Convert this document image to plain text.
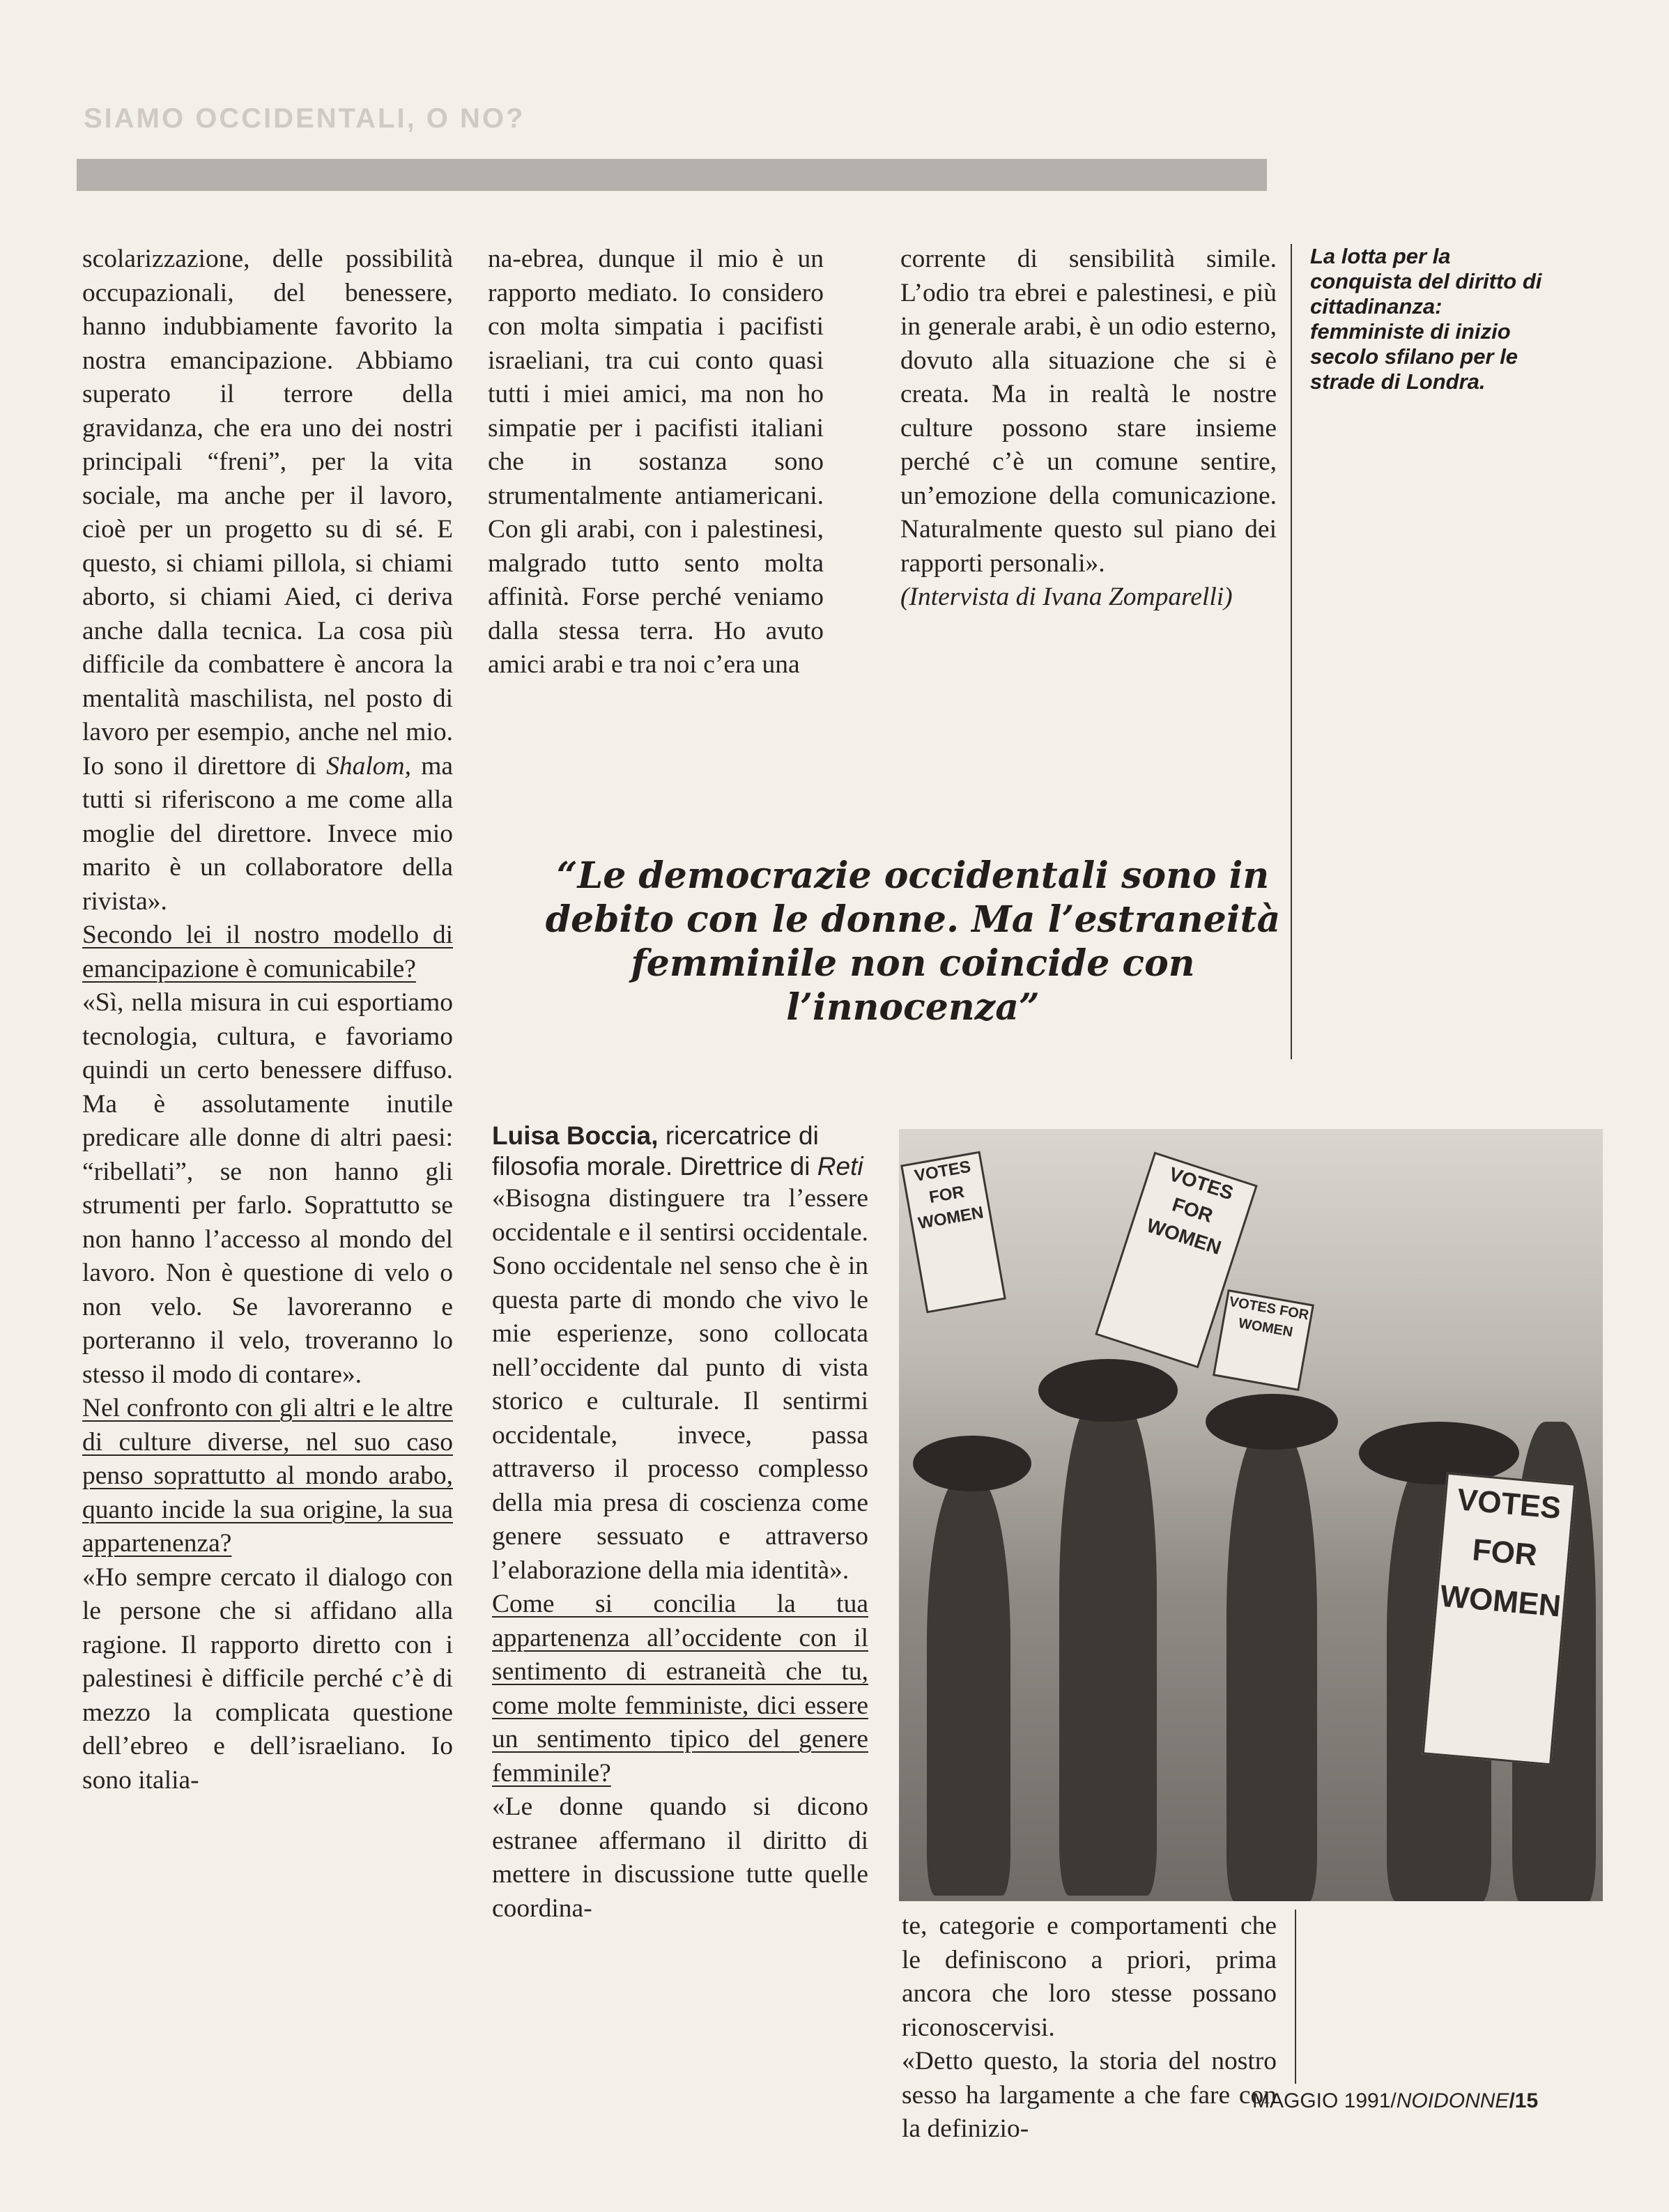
SIAMO OCCIDENTALI, O NO?

scolarizzazione, delle possibilità occupazionali, del benessere, hanno indubbiamente favorito la nostra emancipazione. Abbiamo superato il terrore della gravidanza, che era uno dei nostri principali “freni”, per la vita sociale, ma anche per il lavoro, cioè per un progetto su di sé. E questo, si chiami pillola, si chiami aborto, si chiami Aied, ci deriva anche dalla tecnica. La cosa più difficile da combattere è ancora la mentalità maschilista, nel posto di lavoro per esempio, anche nel mio. Io sono il direttore di Shalom, ma tutti si riferiscono a me come alla moglie del direttore. Invece mio marito è un collaboratore della rivista».

Secondo lei il nostro modello di emancipazione è comunicabile?

«Sì, nella misura in cui esportiamo tecnologia, cultura, e favoriamo quindi un certo benessere diffuso. Ma è assolutamente inutile predicare alle donne di altri paesi: “ribellati”, se non hanno gli strumenti per farlo. Soprattutto se non hanno l’accesso al mondo del lavoro. Non è questione di velo o non velo. Se lavoreranno e porteranno il velo, troveranno lo stesso il modo di contare».

Nel confronto con gli altri e le altre di culture diverse, nel suo caso penso soprattutto al mondo arabo, quanto incide la sua origine, la sua appartenenza?

«Ho sempre cercato il dialogo con le persone che si affidano alla ragione. Il rapporto diretto con i palestinesi è difficile perché c’è di mezzo la complicata questione dell’ebreo e dell’israeliano. Io sono italia-

na-ebrea, dunque il mio è un rapporto mediato. Io considero con molta simpatia i pacifisti israeliani, tra cui conto quasi tutti i miei amici, ma non ho simpatie per i pacifisti italiani che in sostanza sono strumentalmente antiamericani. Con gli arabi, con i palestinesi, malgrado tutto sento molta affinità. Forse perché veniamo dalla stessa terra. Ho avuto amici arabi e tra noi c’era una

corrente di sensibilità simile. L’odio tra ebrei e palestinesi, e più in generale arabi, è un odio esterno, dovuto alla situazione che si è creata. Ma in realtà le nostre culture possono stare insieme perché c’è un comune sentire, un’emozione della comunicazione. Naturalmente questo sul piano dei rapporti personali».

(Intervista di Ivana Zomparelli)

La lotta per la conquista del diritto di cittadinanza: femministe di inizio secolo sfilano per le strade di Londra.
“Le democrazie occidentali sono in debito con le donne. Ma l’estraneità femminile non coincide con l’innocenza”

Luisa Boccia, ricercatrice di filosofia morale. Direttrice di Reti

«Bisogna distinguere tra l’essere occidentale e il sentirsi occidentale. Sono occidentale nel senso che è in questa parte di mondo che vivo le mie esperienze, sono collocata nell’occidente dal punto di vista storico e culturale. Il sentirmi occidentale, invece, passa attraverso il processo complesso della mia presa di coscienza come genere sessuato e attraverso l’elaborazione della mia identità».

Come si concilia la tua appartenenza all’occidente con il sentimento di estraneità che tu, come molte femministe, dici essere un sentimento tipico del genere femminile?

«Le donne quando si dicono estranee affermano il diritto di mettere in discussione tutte quelle coordina-

VOTES FOR WOMEN
VOTES FOR WOMEN
VOTES FOR WOMEN
VOTES FOR WOMEN

te, categorie e comportamenti che le definiscono a priori, prima ancora che loro stesse possano riconoscervisi.

«Detto questo, la storia del nostro sesso ha largamente a che fare con la definizio-

MAGGIO 1991/NOIDONNE/15
